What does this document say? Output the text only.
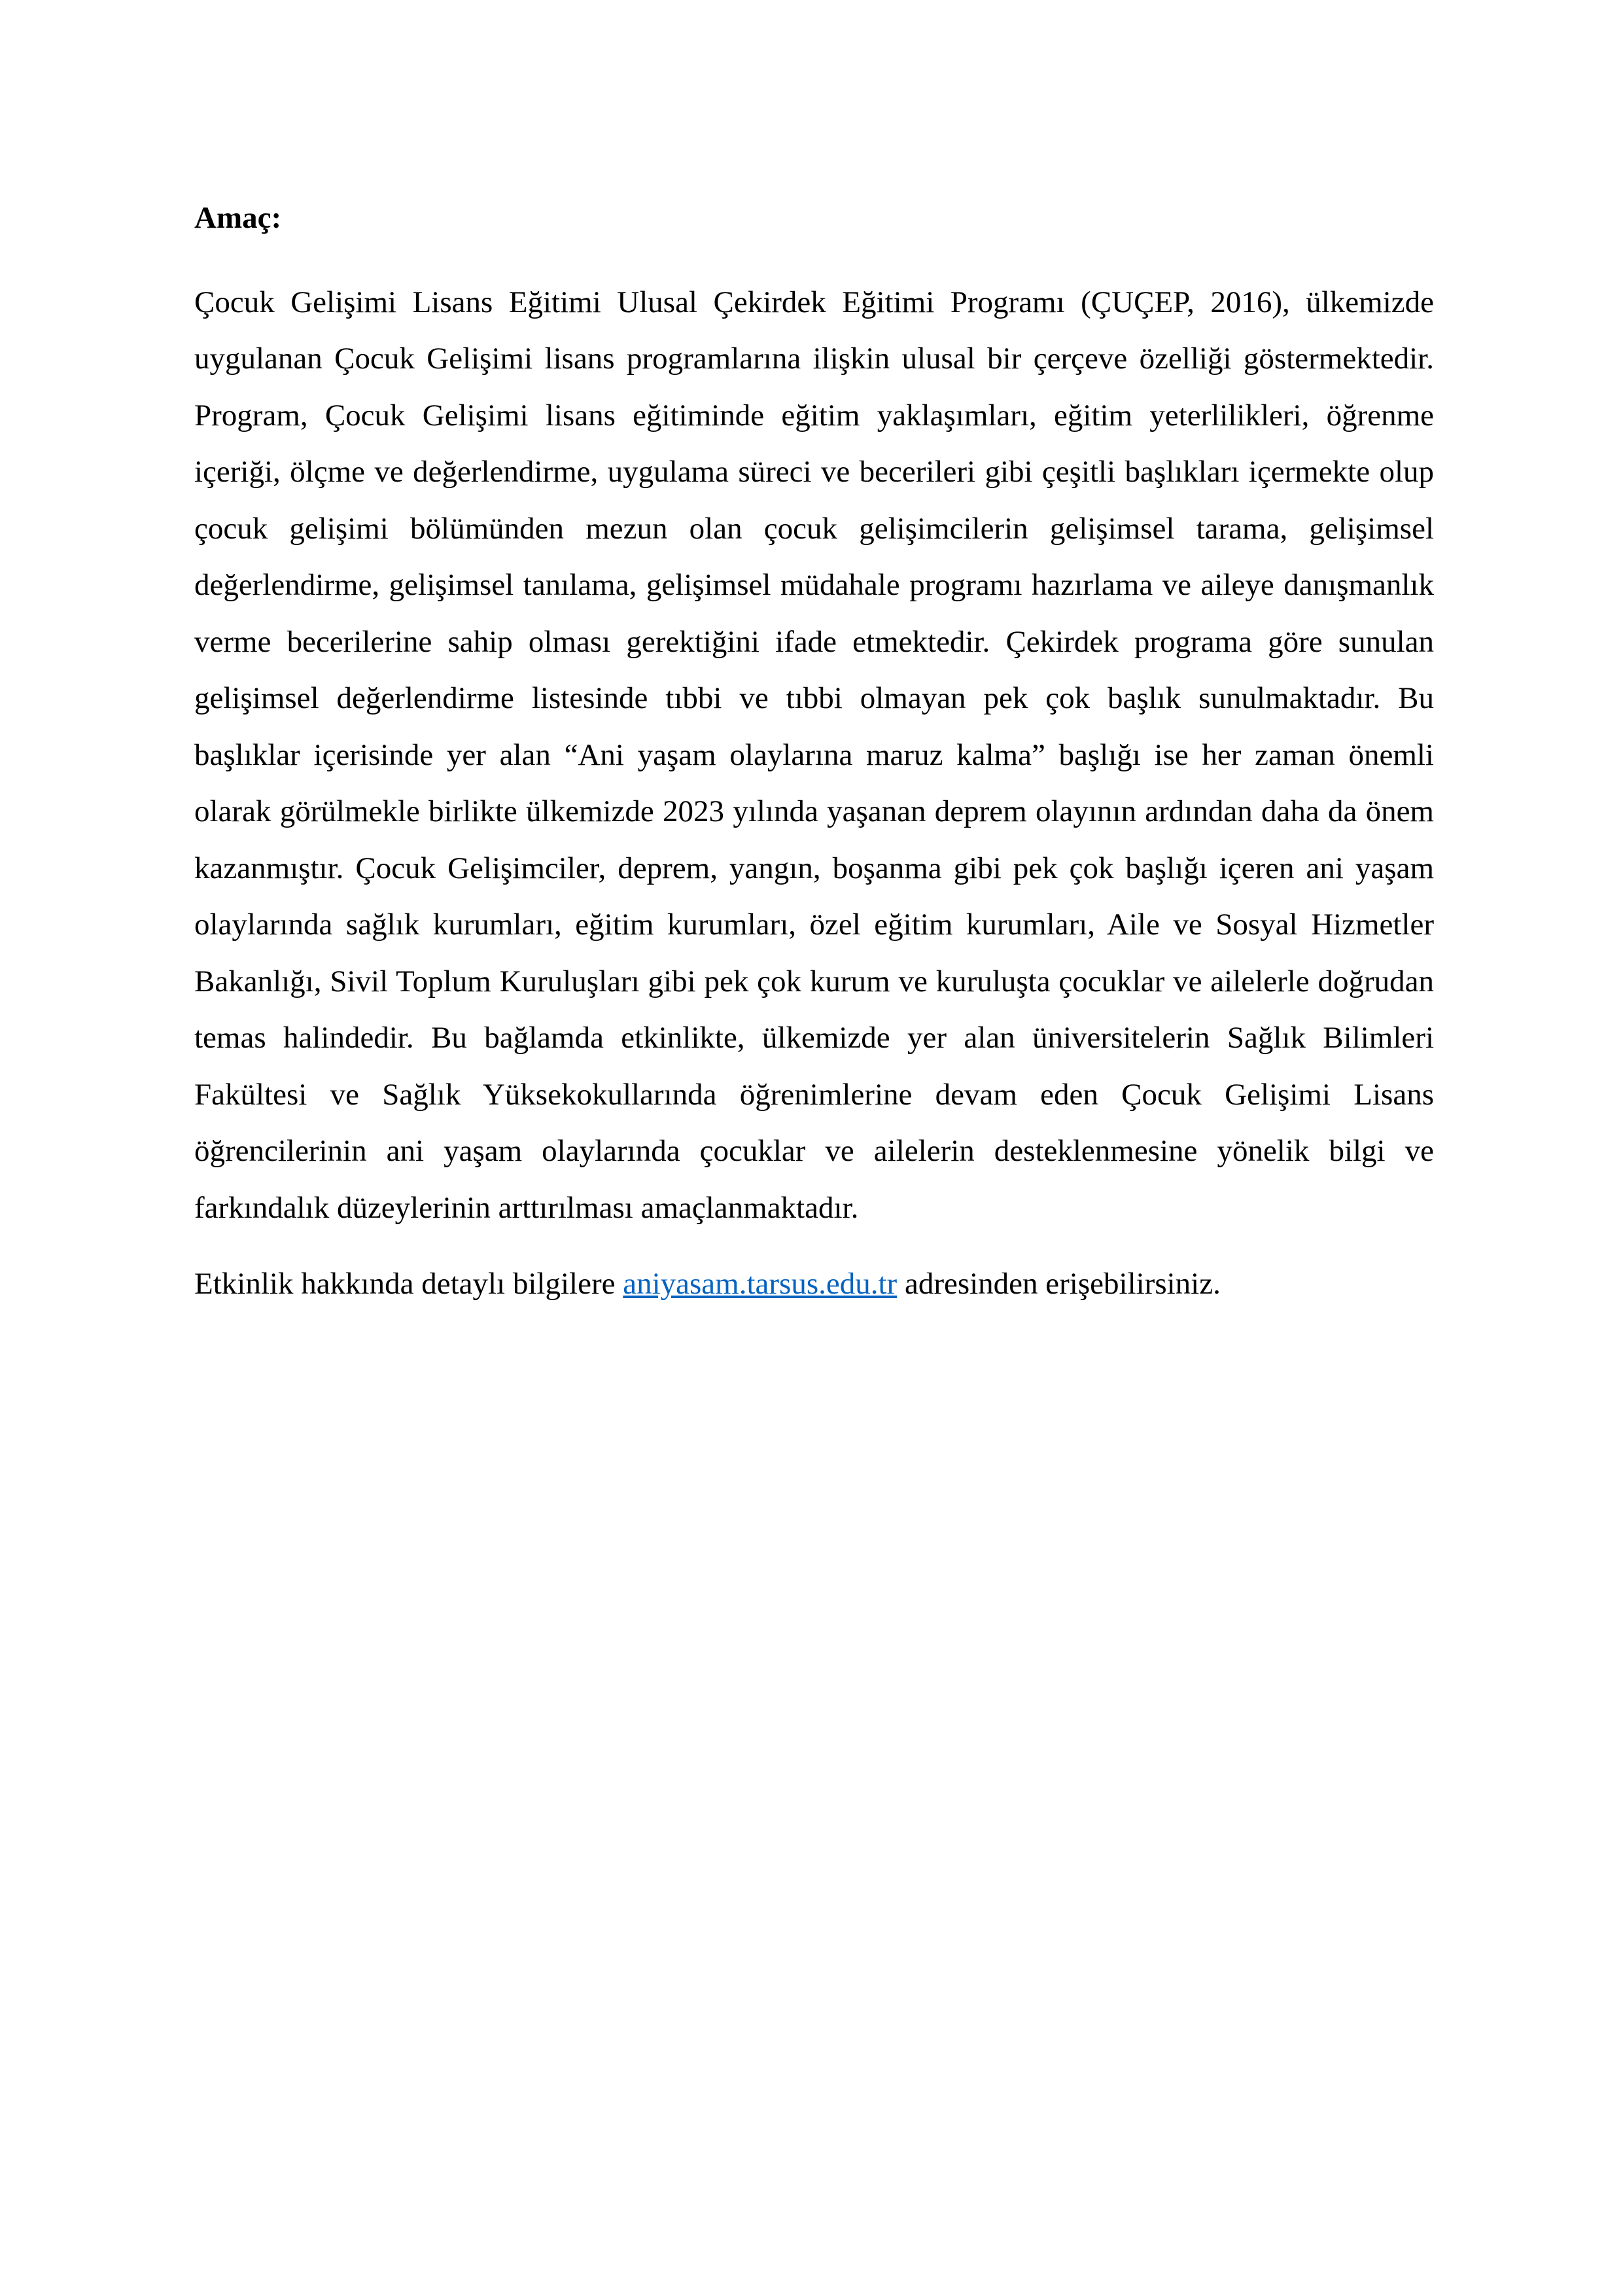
Amaç:

Çocuk Gelişimi Lisans Eğitimi Ulusal Çekirdek Eğitimi Programı (ÇUÇEP, 2016), ülkemizde uygulanan Çocuk Gelişimi lisans programlarına ilişkin ulusal bir çerçeve özelliği göstermektedir. Program, Çocuk Gelişimi lisans eğitiminde eğitim yaklaşımları, eğitim yeterlilikleri, öğrenme içeriği, ölçme ve değerlendirme, uygulama süreci ve becerileri gibi çeşitli başlıkları içermekte olup çocuk gelişimi bölümünden mezun olan çocuk gelişimcilerin gelişimsel tarama, gelişimsel değerlendirme, gelişimsel tanılama, gelişimsel müdahale programı hazırlama ve aileye danışmanlık verme becerilerine sahip olması gerektiğini ifade etmektedir. Çekirdek programa göre sunulan gelişimsel değerlendirme listesinde tıbbi ve tıbbi olmayan pek çok başlık sunulmaktadır. Bu başlıklar içerisinde yer alan “Ani yaşam olaylarına maruz kalma” başlığı ise her zaman önemli olarak görülmekle birlikte ülkemizde 2023 yılında yaşanan deprem olayının ardından daha da önem kazanmıştır. Çocuk Gelişimciler, deprem, yangın, boşanma gibi pek çok başlığı içeren ani yaşam olaylarında sağlık kurumları, eğitim kurumları, özel eğitim kurumları, Aile ve Sosyal Hizmetler Bakanlığı, Sivil Toplum Kuruluşları gibi pek çok kurum ve kuruluşta çocuklar ve ailelerle doğrudan temas halindedir. Bu bağlamda etkinlikte, ülkemizde yer alan üniversitelerin Sağlık Bilimleri Fakültesi ve Sağlık Yüksekokullarında öğrenimlerine devam eden Çocuk Gelişimi Lisans öğrencilerinin ani yaşam olaylarında çocuklar ve ailelerin desteklenmesine yönelik bilgi ve farkındalık düzeylerinin arttırılması amaçlanmaktadır.

Etkinlik hakkında detaylı bilgilere aniyasam.tarsus.edu.tr adresinden erişebilirsiniz.
